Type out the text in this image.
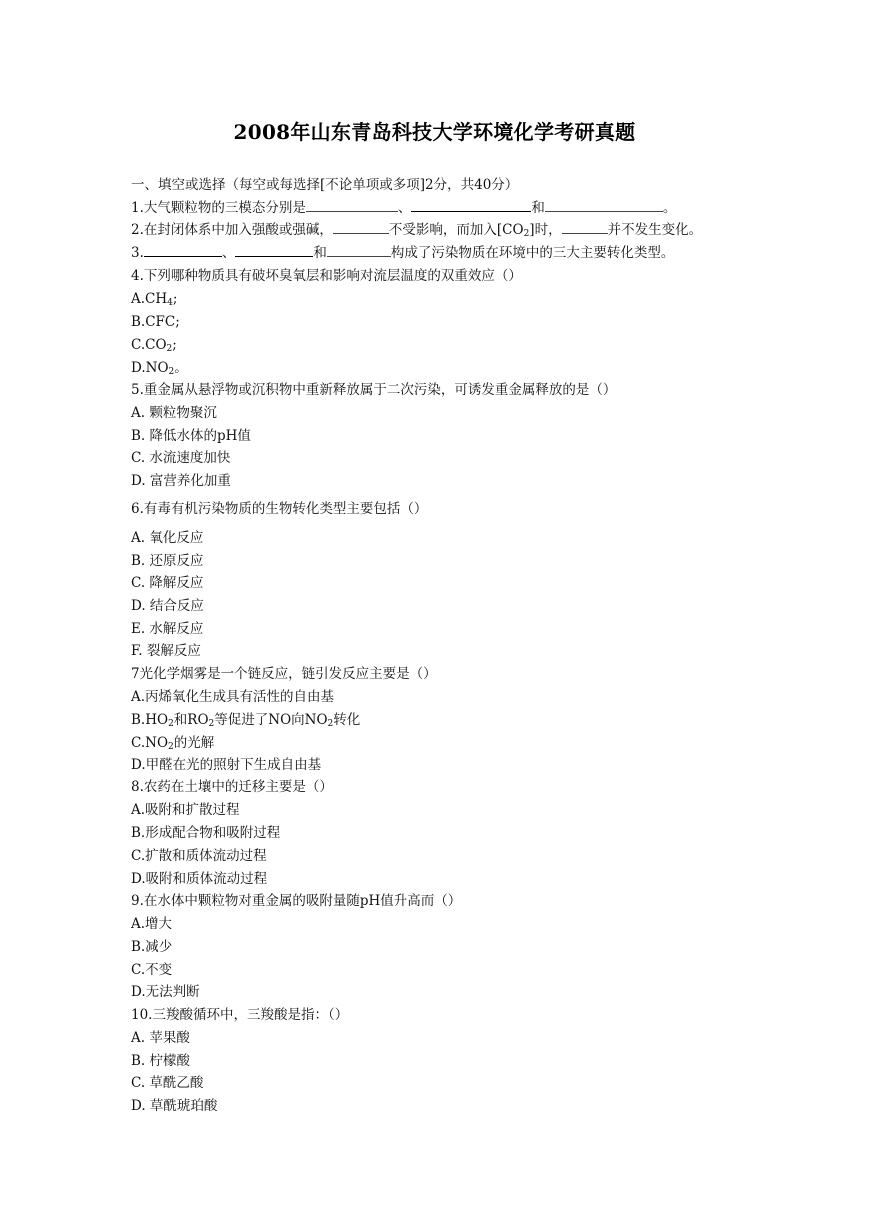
2008年山东青岛科技大学环境化学考研真题
一、填空或选择（每空或每选择[不论单项或多项]2分，共40分）
1.大气颗粒物的三模态分别是	、	和	。
2.在封闭体系中加入强酸或强碱，	不受影响，而加入$[CO_2]$时，	并不发生变化。
3.	、	和	构成了污染物质在环境中的三大主要转化类型。
4.下列哪种物质具有破坏臭氧层和影响对流层温度的双重效应（）
$A.CH_4$;
B.CFC;
$C.CO_2$;
$D.NO_2$。
5.重金属从悬浮物或沉积物中重新释放属于二次污染，可诱发重金属释放的是（）
A. 颗粒物聚沉
B. 降低水体的pH值
C. 水流速度加快
D. 富营养化加重
6.有毒有机污染物质的生物转化类型主要包括（）
A. 氧化反应
B. 还原反应
C. 降解反应
D. 结合反应
E. 水解反应
F. 裂解反应
7光化学烟雾是一个链反应，链引发反应主要是（）
A.丙烯氧化生成具有活性的自由基
$B.HO_2$和$RO_2$等促进了NO向$NO_2$转化
$C.NO_2$的光解
D.甲醛在光的照射下生成自由基
8.农药在土壤中的迁移主要是（）
A.吸附和扩散过程
B.形成配合物和吸附过程
C.扩散和质体流动过程
D.吸附和质体流动过程
9.在水体中颗粒物对重金属的吸附量随pH值升高而（）
A.增大
B.减少
C.不变
D.无法判断
10.三羧酸循环中，三羧酸是指：（）
A. 苹果酸
B. 柠檬酸
C. 草酰乙酸
D. 草酰琥珀酸
